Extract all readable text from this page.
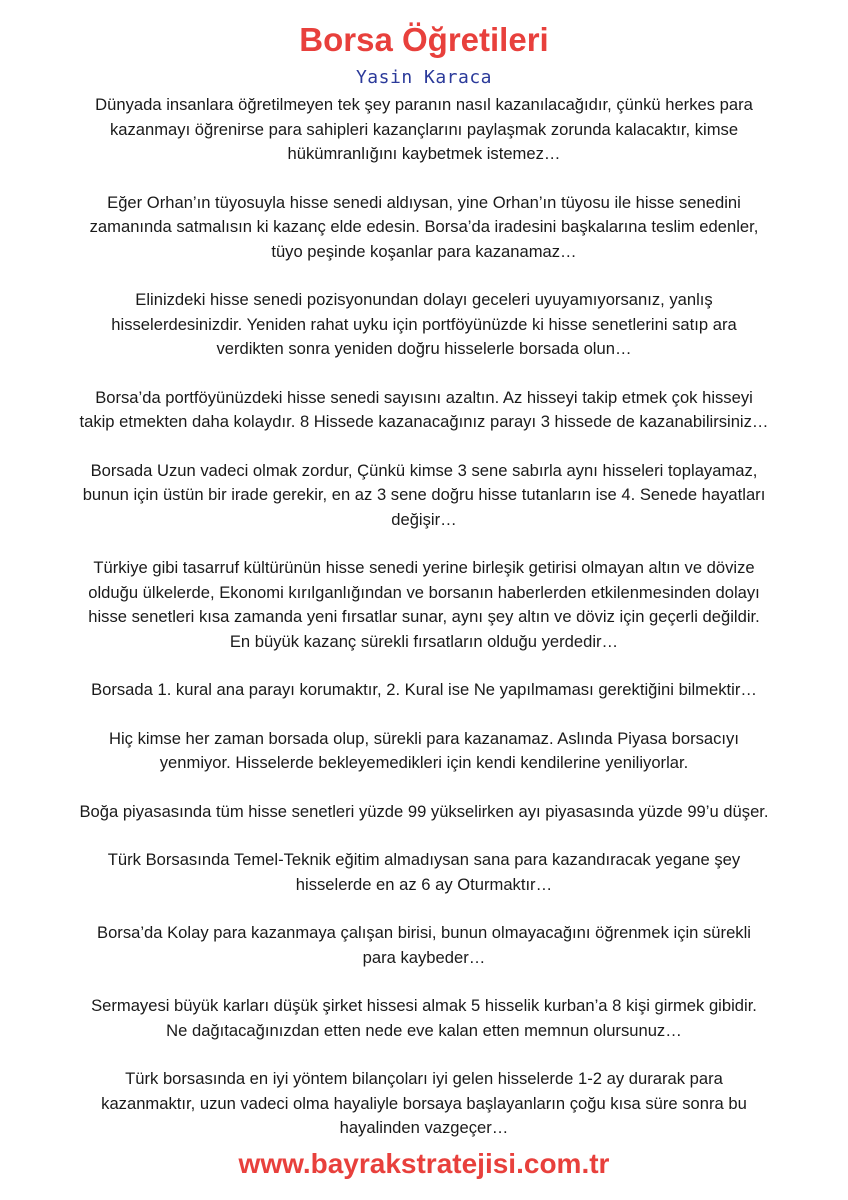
Borsa Öğretileri
Yasin Karaca

Dünyada insanlara öğretilmeyen tek şey paranın nasıl kazanılacağıdır, çünkü herkes para
kazanmayı öğrenirse para sahipleri kazançlarını paylaşmak zorunda kalacaktır, kimse
hükümranlığını kaybetmek istemez…

Eğer Orhan’ın tüyosuyla hisse senedi aldıysan, yine Orhan’ın tüyosu ile hisse senedini
zamanında satmalısın ki kazanç elde edesin. Borsa’da iradesini başkalarına teslim edenler,
tüyo peşinde koşanlar para kazanamaz…

Elinizdeki hisse senedi pozisyonundan dolayı geceleri uyuyamıyorsanız, yanlış
hisselerdesinizdir. Yeniden rahat uyku için portföyünüzde ki hisse senetlerini satıp ara
verdikten sonra yeniden doğru hisselerle borsada olun…

Borsa’da portföyünüzdeki hisse senedi sayısını azaltın. Az hisseyi takip etmek çok hisseyi
takip etmekten daha kolaydır. 8 Hissede kazanacağınız parayı 3 hissede de kazanabilirsiniz…

Borsada Uzun vadeci olmak zordur, Çünkü kimse 3 sene sabırla aynı hisseleri toplayamaz,
bunun için üstün bir irade gerekir, en az 3 sene doğru hisse tutanların ise 4. Senede hayatları
değişir…

Türkiye gibi tasarruf kültürünün hisse senedi yerine birleşik getirisi olmayan altın ve dövize
olduğu ülkelerde, Ekonomi kırılganlığından ve borsanın haberlerden etkilenmesinden dolayı
hisse senetleri kısa zamanda yeni fırsatlar sunar, aynı şey altın ve döviz için geçerli değildir.
En büyük kazanç sürekli fırsatların olduğu yerdedir…

Borsada 1. kural ana parayı korumaktır, 2. Kural ise Ne yapılmaması gerektiğini bilmektir…

Hiç kimse her zaman borsada olup, sürekli para kazanamaz. Aslında Piyasa borsacıyı
yenmiyor. Hisselerde bekleyemedikleri için kendi kendilerine yeniliyorlar.

Boğa piyasasında tüm hisse senetleri yüzde 99 yükselirken ayı piyasasında yüzde 99’u düşer.

Türk Borsasında Temel-Teknik eğitim almadıysan sana para kazandıracak yegane şey
hisselerde en az 6 ay Oturmaktır…

Borsa’da Kolay para kazanmaya çalışan birisi, bunun olmayacağını öğrenmek için sürekli
para kaybeder…

Sermayesi büyük karları düşük şirket hissesi almak 5 hisselik kurban’a 8 kişi girmek gibidir.
Ne dağıtacağınızdan etten nede eve kalan etten memnun olursunuz…

Türk borsasında en iyi yöntem bilançoları iyi gelen hisselerde 1-2 ay durarak para
kazanmaktır, uzun vadeci olma hayaliyle borsaya başlayanların çoğu kısa süre sonra bu
hayalinden vazgeçer…

www.bayrakstratejisi.com.tr
